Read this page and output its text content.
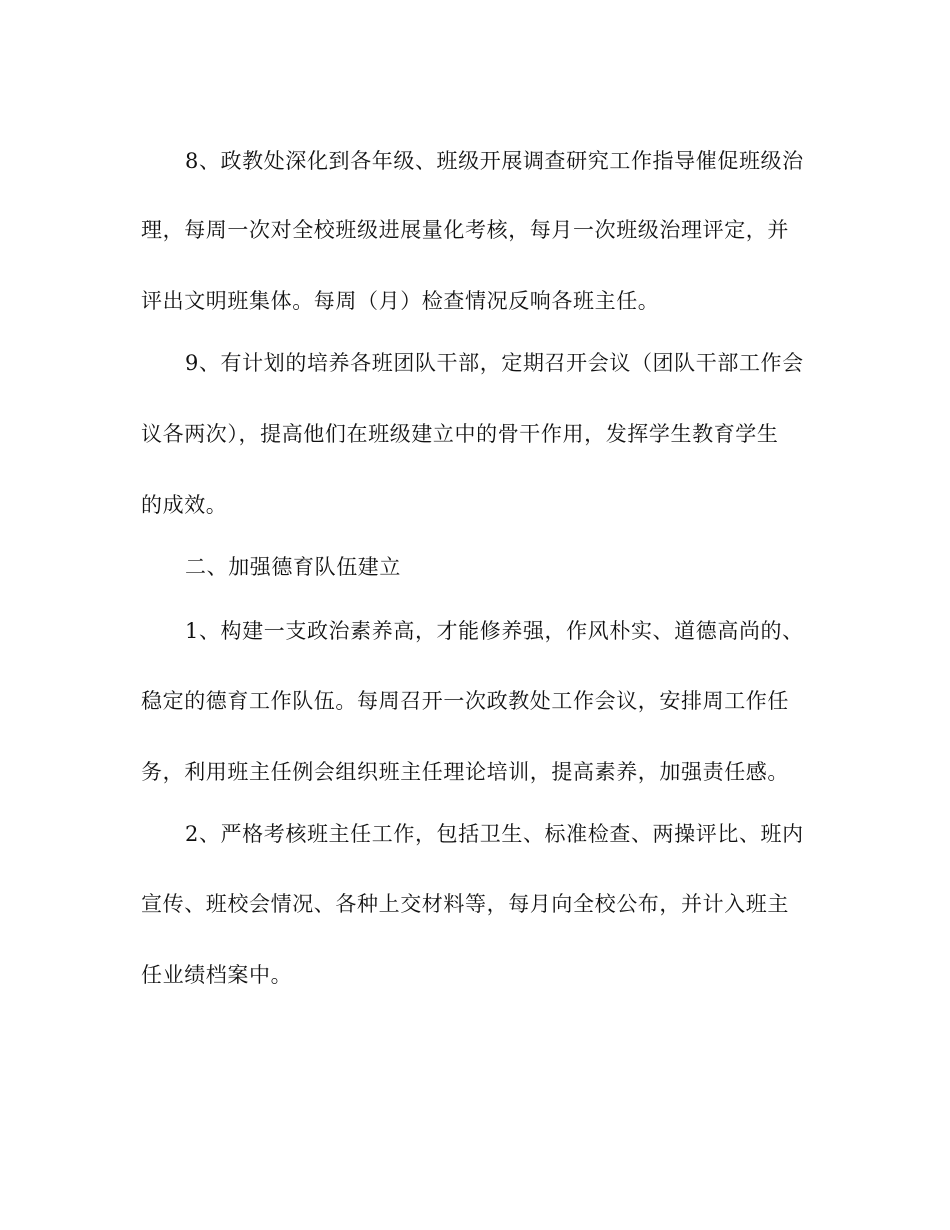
8、政教处深化到各年级、班级开展调查研究工作指导催促班级治
理，每周一次对全校班级进展量化考核，每月一次班级治理评定，并
评出文明班集体。每周（月）检查情况反响各班主任。
9、有计划的培养各班团队干部，定期召开会议（团队干部工作会
议各两次），提高他们在班级建立中的骨干作用，发挥学生教育学生
的成效。
二、加强德育队伍建立
1、构建一支政治素养高，才能修养强，作风朴实、道德高尚的、
稳定的德育工作队伍。每周召开一次政教处工作会议，安排周工作任
务，利用班主任例会组织班主任理论培训，提高素养，加强责任感。
2、严格考核班主任工作，包括卫生、标准检查、两操评比、班内
宣传、班校会情况、各种上交材料等，每月向全校公布，并计入班主
任业绩档案中。
